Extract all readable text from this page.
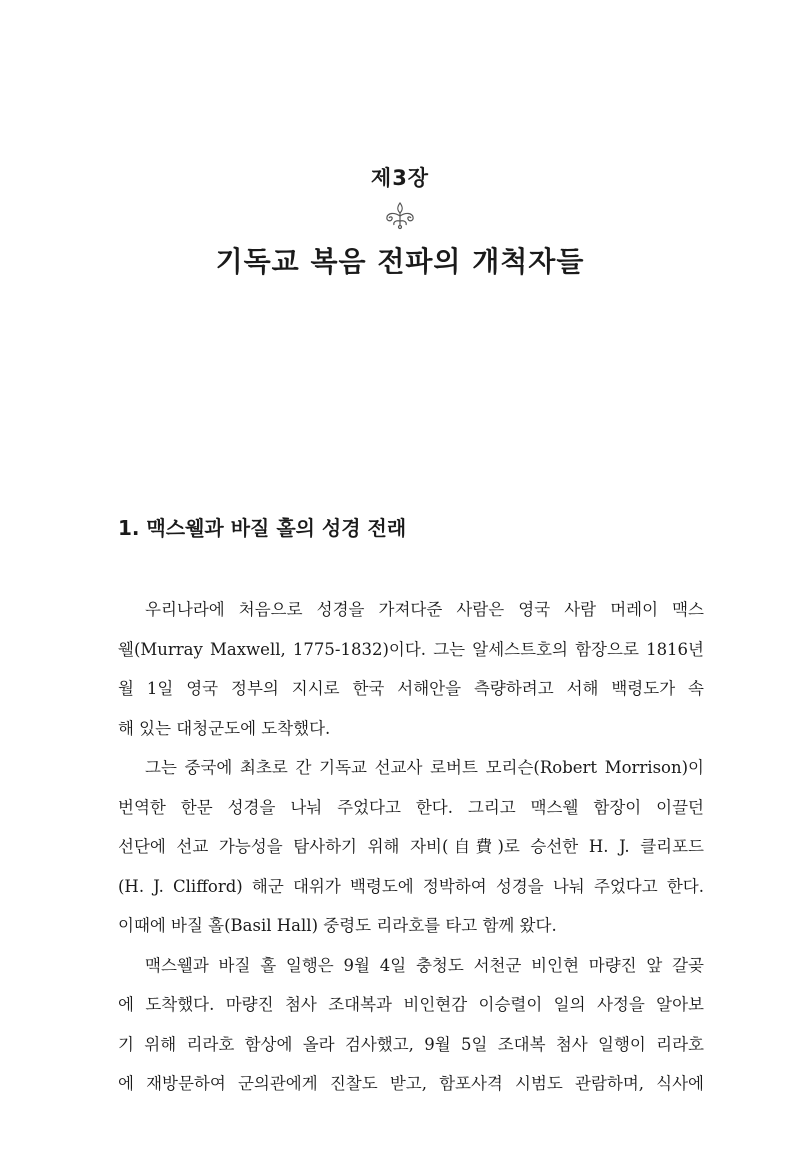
제3장
기독교 복음 전파의 개척자들
1. 맥스웰과 바질 홀의 성경 전래
우리나라에 처음으로 성경을 가져다준 사람은 영국 사람 머레이 맥스
웰(Murray Maxwell, 1775-1832)이다. 그는 알세스트호의 함장으로 1816년
월 1일 영국 정부의 지시로 한국 서해안을 측량하려고 서해 백령도가 속
해 있는 대청군도에 도착했다.
그는 중국에 최초로 간 기독교 선교사 로버트 모리슨(Robert Morrison)이
번역한 한문 성경을 나눠 주었다고 한다. 그리고 맥스웰 함장이 이끌던
선단에 선교 가능성을 탐사하기 위해 자비(自費)로 승선한 H. J. 클리포드
(H. J. Clifford) 해군 대위가 백령도에 정박하여 성경을 나눠 주었다고 한다.
이때에 바질 홀(Basil Hall) 중령도 리라호를 타고 함께 왔다.
맥스웰과 바질 홀 일행은 9월 4일 충청도 서천군 비인현 마량진 앞 갈곶
에 도착했다. 마량진 첨사 조대복과 비인현감 이승렬이 일의 사정을 알아보
기 위해 리라호 함상에 올라 검사했고, 9월 5일 조대복 첨사 일행이 리라호
에 재방문하여 군의관에게 진찰도 받고, 함포사격 시범도 관람하며, 식사에
